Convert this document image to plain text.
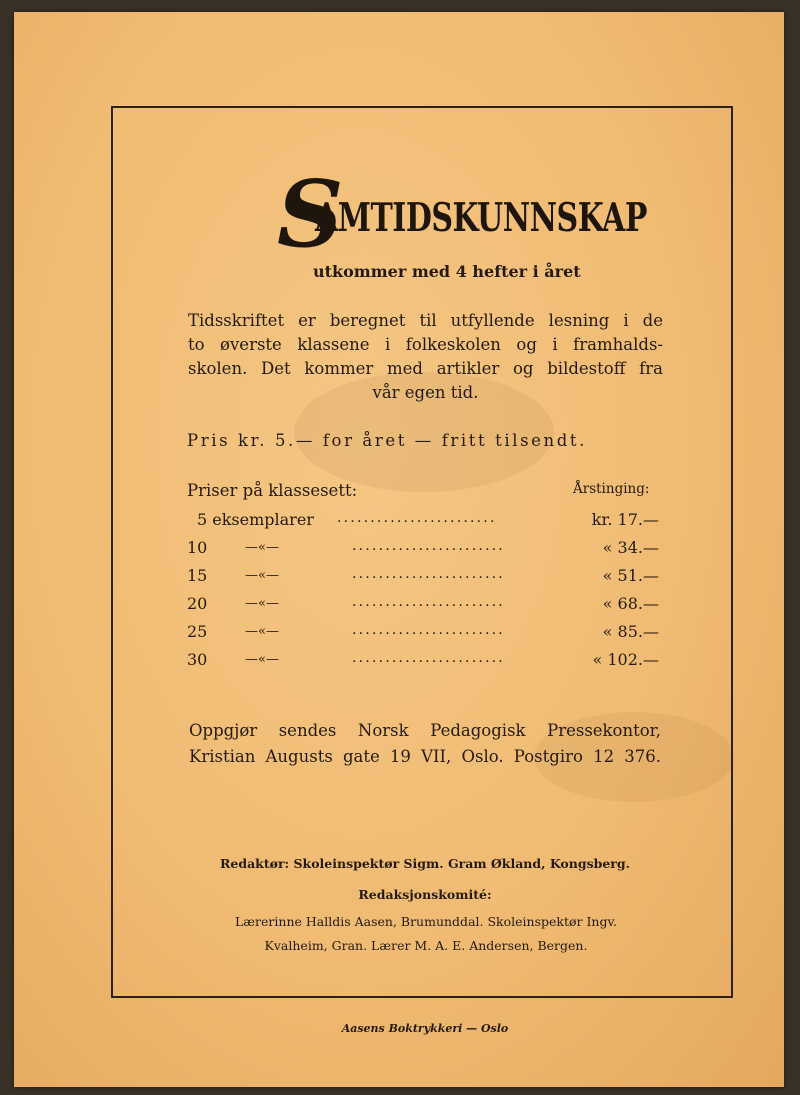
S
AMTIDSKUNNSKAP
utkommer med 4 hefter i året
Tidsskriftet er beregnet til utfyllende lesning i de
to øverste klassene i folkeskolen og i framhalds-
skolen. Det kommer med artikler og bildestoff fra
vår egen tid.
Pris kr. 5.— for året — fritt tilsendt.
Priser på klassesett:	Årstinging:
5 eksemplarer ........................	kr. 17.—
10	—«—	.......................	« 34.—
15	—«—	.......................	« 51.—
20	—«—	.......................	« 68.—
25	—«—	.......................	« 85.—
30	—«—	.......................	« 102.—
Oppgjør sendes Norsk Pedagogisk Pressekontor,
Kristian Augusts gate 19 VII, Oslo. Postgiro 12 376.
Redaktør: Skoleinspektør Sigm. Gram Økland, Kongsberg.
Redaksjonskomité:
Lærerinne Halldis Aasen, Brumunddal. Skoleinspektør Ingv.
Kvalheim, Gran. Lærer M. A. E. Andersen, Bergen.
Aasens Boktrykkeri — Oslo
